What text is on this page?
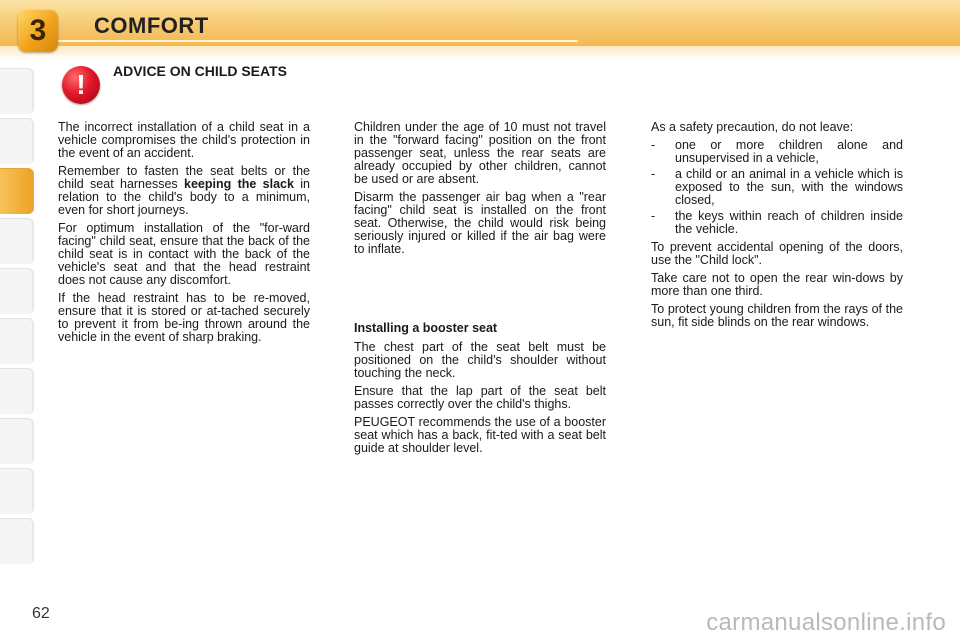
3	COMFORT
!	ADVICE ON CHILD SEATS

The incorrect installation of a child seat in a vehicle compromises the child's protection in the event of an accident.

Remember to fasten the seat belts or the child seat harnesses keeping the slack in relation to the child's body to a minimum, even for short journeys.

For optimum installation of the "for-ward facing" child seat, ensure that the back of the child seat is in contact with the back of the vehicle's seat and that the head restraint does not cause any discomfort.

If the head restraint has to be re-moved, ensure that it is stored or at-tached securely to prevent it from be-ing thrown around the vehicle in the event of sharp braking.

Children under the age of 10 must not travel in the "forward facing" position on the front passenger seat, unless the rear seats are already occupied by other children, cannot be used or are absent.

Disarm the passenger air bag when a "rear facing" child seat is installed on the front seat. Otherwise, the child would risk being seriously injured or killed if the air bag were to inflate.

Installing a booster seat

The chest part of the seat belt must be positioned on the child's shoulder without touching the neck.

Ensure that the lap part of the seat belt passes correctly over the child's thighs.

PEUGEOT recommends the use of a booster seat which has a back, fit-ted with a seat belt guide at shoulder level.

As a safety precaution, do not leave:

-	one or more children alone and unsupervised in a vehicle,
-	a child or an animal in a vehicle which is exposed to the sun, with the windows closed,
-	the keys within reach of children inside the vehicle.

To prevent accidental opening of the doors, use the "Child lock".

Take care not to open the rear win-dows by more than one third.

To protect young children from the rays of the sun, fit side blinds on the rear windows.

62	carmanualsonline.info
